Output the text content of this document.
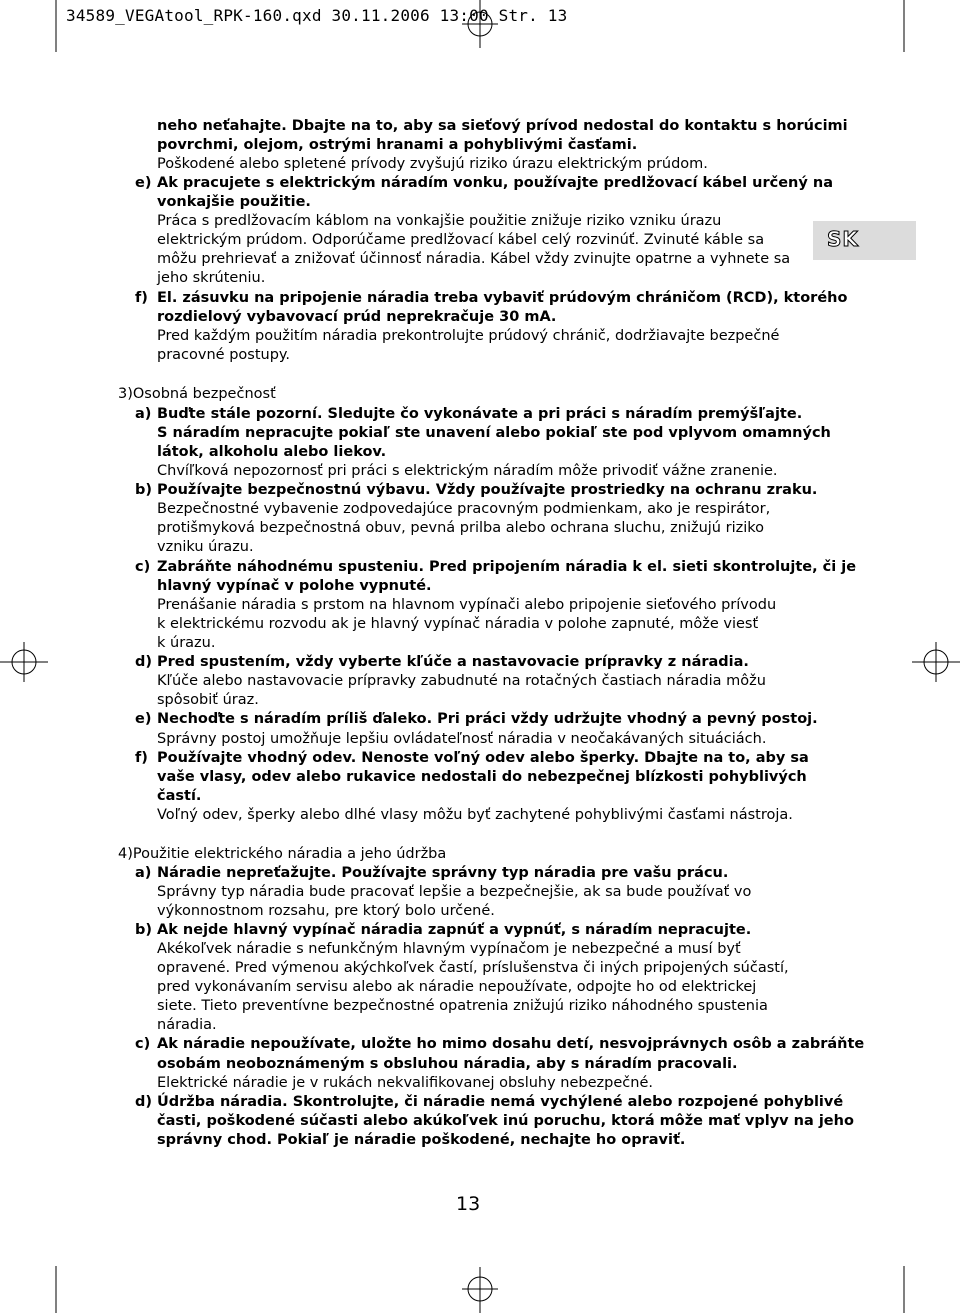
34589_VEGAtool_RPK-160.qxd 30.11.2006 13:00 Str. 13
SK
neho neťahajte. Dbajte na to, aby sa sieťový prívod nedostal do kontaktu s horúcimi
povrchmi, olejom, ostrými hranami a pohyblivými časťami.
Poškodené alebo spletené prívody zvyšujú riziko úrazu elektrickým prúdom.
e) Ak pracujete s elektrickým náradím vonku, používajte predlžovací kábel určený na
vonkajšie použitie.
Práca s predlžovacím káblom na vonkajšie použitie znižuje riziko vzniku úrazu
elektrickým prúdom. Odporúčame predlžovací kábel celý rozvinúť. Zvinuté káble sa
môžu prehrievať a znižovať účinnosť náradia. Kábel vždy zvinujte opatrne a vyhnete sa
jeho skrúteniu.
f) El. zásuvku na pripojenie náradia treba vybaviť prúdovým chráničom (RCD), ktorého
rozdielový vybavovací prúd neprekračuje 30 mA.
Pred každým použitím náradia prekontrolujte prúdový chránič, dodržiavajte bezpečné
pracovné postupy.
3)Osobná bezpečnosť
a) Buďte stále pozorní. Sledujte čo vykonávate a pri práci s náradím premýšľajte.
S náradím nepracujte pokiaľ ste unavení alebo pokiaľ ste pod vplyvom omamných
látok, alkoholu alebo liekov.
Chvíľková nepozornosť pri práci s elektrickým náradím môže privodiť vážne zranenie.
b) Používajte bezpečnostnú výbavu. Vždy používajte prostriedky na ochranu zraku.
Bezpečnostné vybavenie zodpovedajúce pracovným podmienkam, ako je respirátor,
protišmyková bezpečnostná obuv, pevná prilba alebo ochrana sluchu, znižujú riziko
vzniku úrazu.
c) Zabráňte náhodnému spusteniu. Pred pripojením náradia k el. sieti skontrolujte, či je
hlavný vypínač v polohe vypnuté.
Prenášanie náradia s prstom na hlavnom vypínači alebo pripojenie sieťového prívodu
k elektrickému rozvodu ak je hlavný vypínač náradia v polohe zapnuté, môže viesť
k úrazu.
d) Pred spustením, vždy vyberte kľúče a nastavovacie prípravky z náradia.
Kľúče alebo nastavovacie prípravky zabudnuté na rotačných častiach náradia môžu
spôsobiť úraz.
e) Nechoďte s náradím príliš ďaleko. Pri práci vždy udržujte vhodný a pevný postoj.
Správny postoj umožňuje lepšiu ovládateľnosť náradia v neočakávaných situáciách.
f) Používajte vhodný odev. Nenoste voľný odev alebo šperky. Dbajte na to, aby sa
vaše vlasy, odev alebo rukavice nedostali do nebezpečnej blízkosti pohyblivých
častí.
Voľný odev, šperky alebo dlhé vlasy môžu byť zachytené pohyblivými časťami nástroja.
4)Použitie elektrického náradia a jeho údržba
a) Náradie nepreťažujte. Používajte správny typ náradia pre vašu prácu.
Správny typ náradia bude pracovať lepšie a bezpečnejšie, ak sa bude používať vo
výkonnostnom rozsahu, pre ktorý bolo určené.
b) Ak nejde hlavný vypínač náradia zapnúť a vypnúť, s náradím nepracujte.
Akékoľvek náradie s nefunkčným hlavným vypínačom je nebezpečné a musí byť
opravené. Pred výmenou akýchkoľvek častí, príslušenstva či iných pripojených súčastí,
pred vykonávaním servisu alebo ak náradie nepoužívate, odpojte ho od elektrickej
siete. Tieto preventívne bezpečnostné opatrenia znižujú riziko náhodného spustenia
náradia.
c) Ak náradie nepoužívate, uložte ho mimo dosahu detí, nesvojprávnych osôb a zabráňte
osobám neoboznámeným s obsluhou náradia, aby s náradím pracovali.
Elektrické náradie je v rukách nekvalifikovanej obsluhy nebezpečné.
d) Údržba náradia. Skontrolujte, či náradie nemá vychýlené alebo rozpojené pohyblivé
časti, poškodené súčasti alebo akúkoľvek inú poruchu, ktorá môže mať vplyv na jeho
správny chod. Pokiaľ je náradie poškodené, nechajte ho opraviť.
13
